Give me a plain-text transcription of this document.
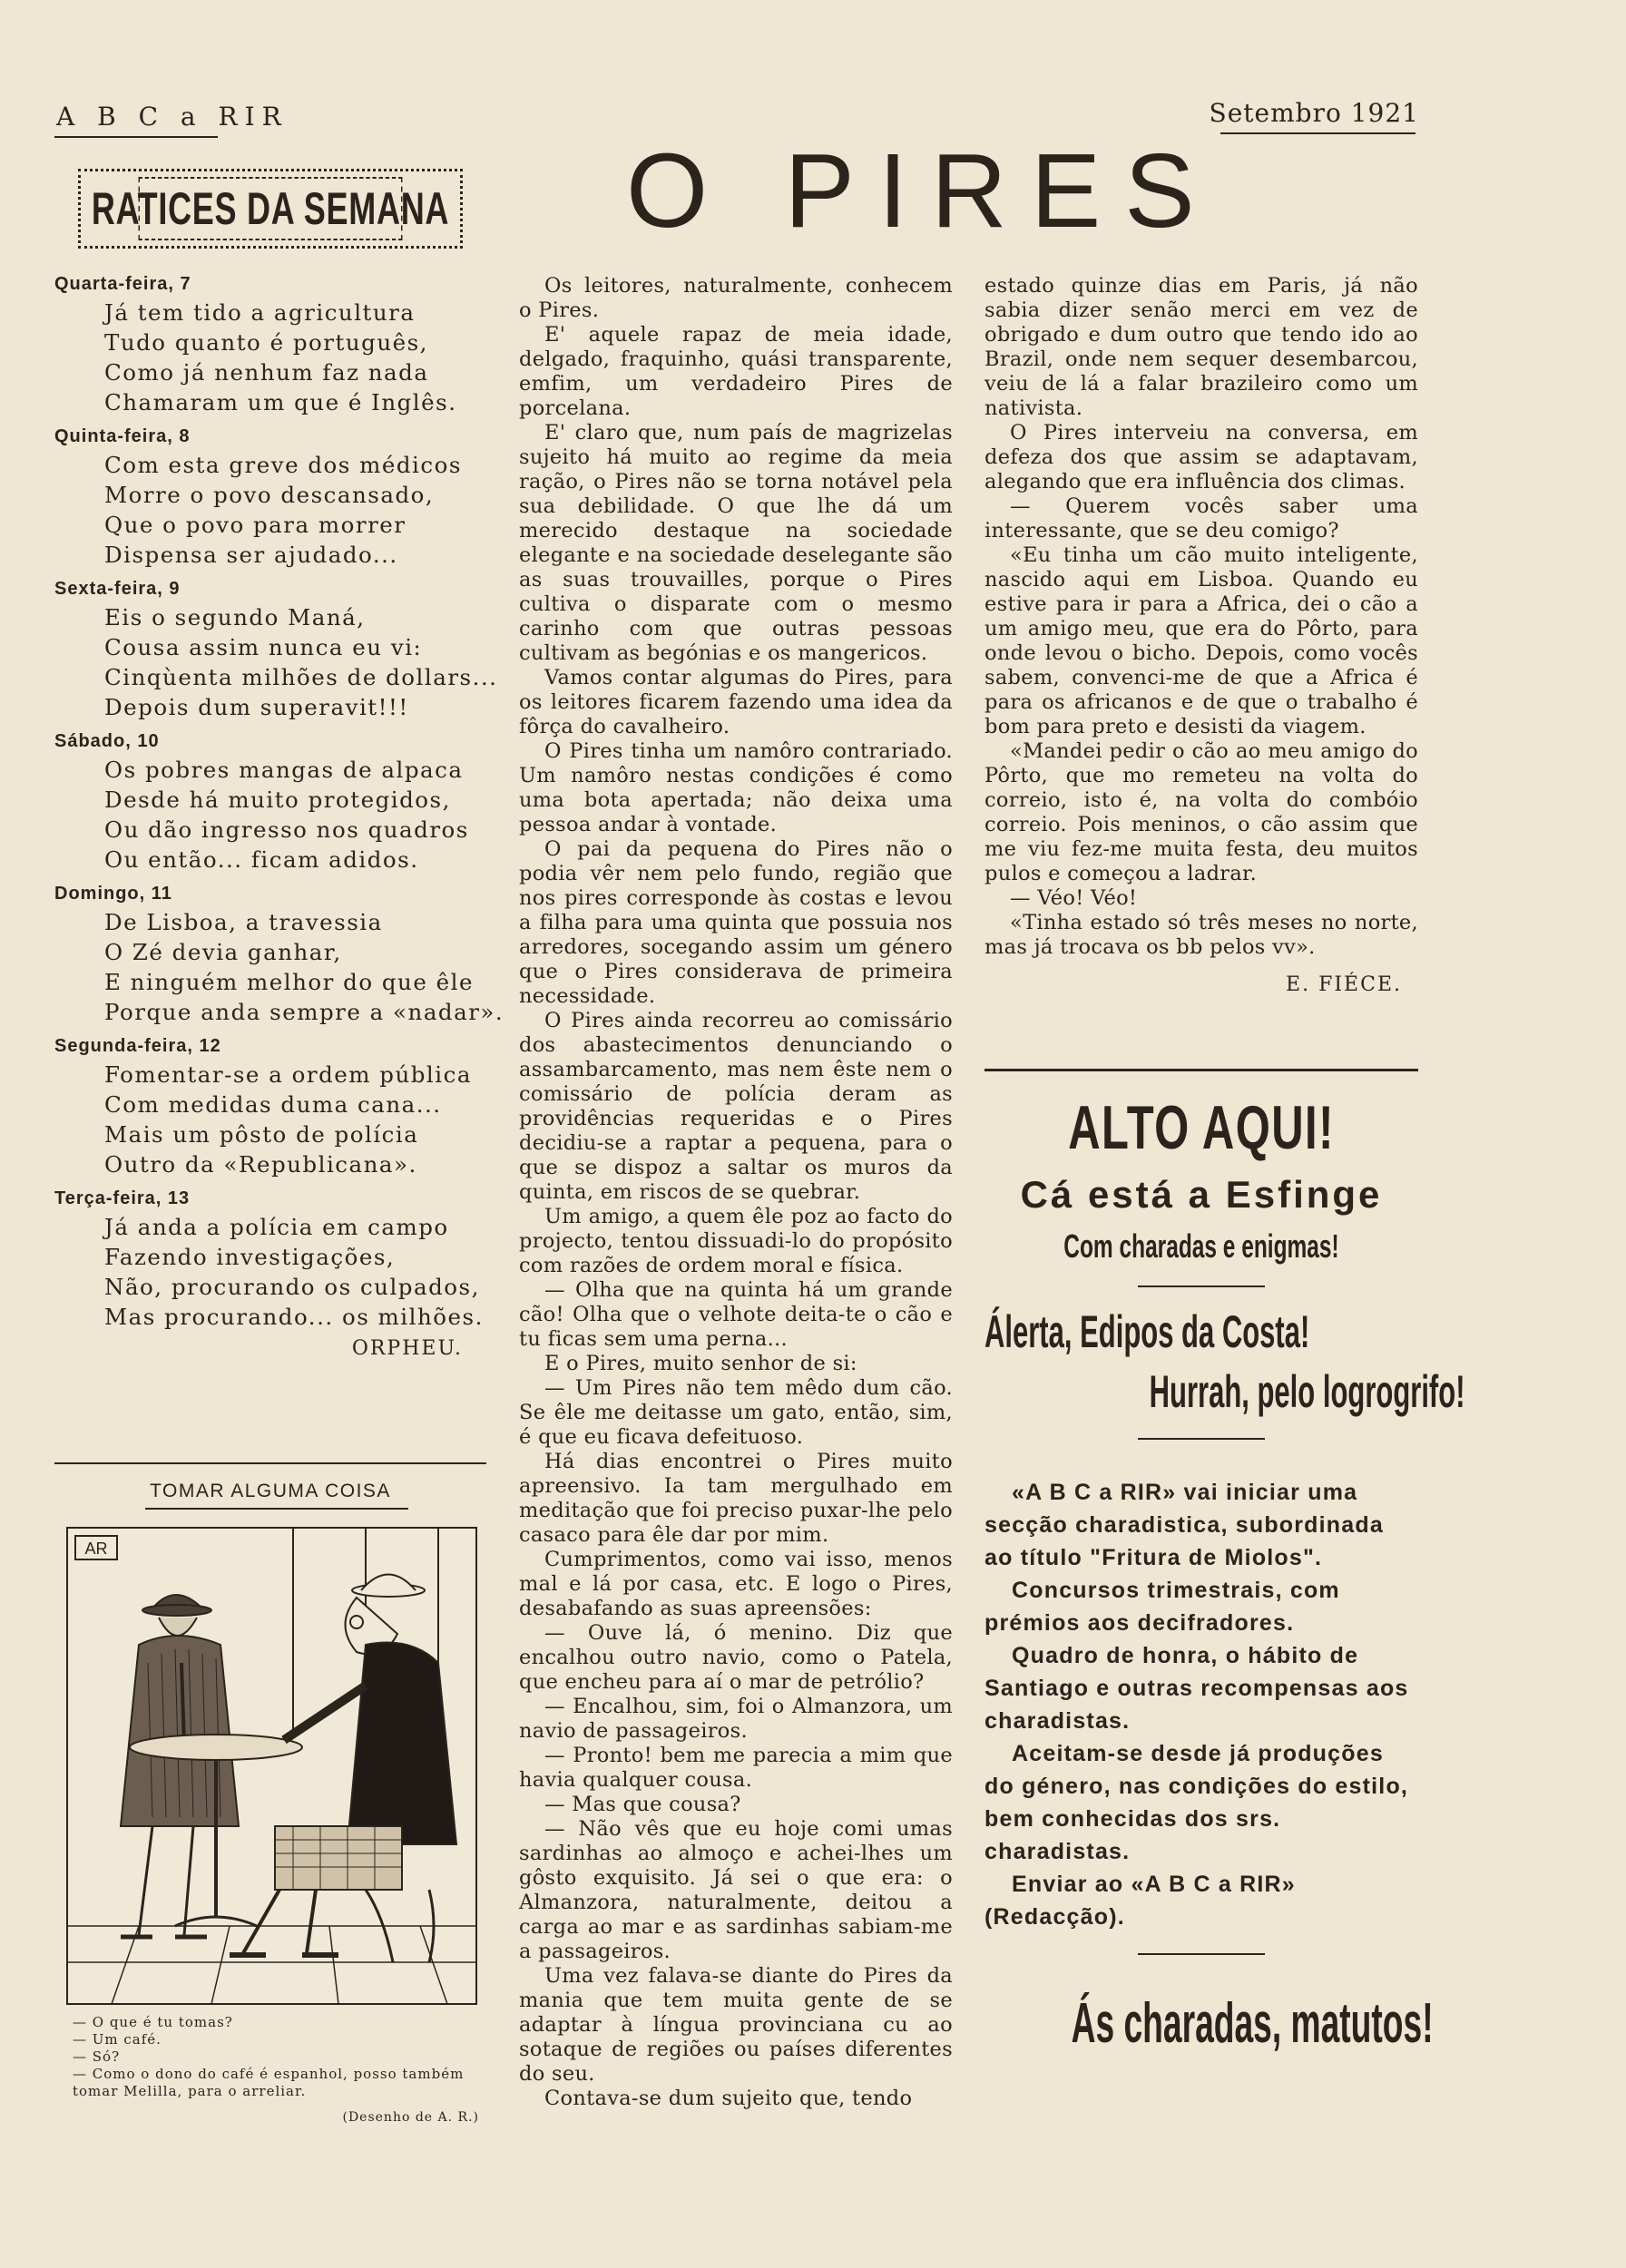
A B C a RIR	Setembro 1921
O PIRES
RATICES DA SEMANA

Quarta-feira, 7

Já tem tido a agricultura

Tudo quanto é português,

Como já nenhum faz nada

Chamaram um que é Inglês.

Quinta-feira, 8

Com esta greve dos médicos

Morre o povo descansado,

Que o povo para morrer

Dispensa ser ajudado...

Sexta-feira, 9

Eis o segundo Maná,

Cousa assim nunca eu vi:

Cinqùenta milhões de dollars...

Depois dum superavit!!!

Sábado, 10

Os pobres mangas de alpaca

Desde há muito protegidos,

Ou dão ingresso nos quadros

Ou então... ficam adidos.

Domingo, 11

De Lisboa, a travessia

O Zé devia ganhar,

E ninguém melhor do que êle

Porque anda sempre a «nadar».

Segunda-feira, 12

Fomentar-se a ordem pública

Com medidas duma cana...

Mais um pôsto de polícia

Outro da «Republicana».

Terça-feira, 13

Já anda a polícia em campo

Fazendo investigações,

Não, procurando os culpados,

Mas procurando... os milhões.

ORPHEU.
TOMAR ALGUMA COISA
AR

— O que é tu tomas?

— Um café.

— Só?

— Como o dono do café é espanhol, posso também tomar Melilla, para o arreliar.

(Desenho de A. R.)

Os leitores, naturalmente, conhecem o Pires.

E' aquele rapaz de meia idade, delgado, fraquinho, quási transparente, emfim, um verdadeiro Pires de porcelana.

E' claro que, num país de magrizelas sujeito há muito ao regime da meia ração, o Pires não se torna notável pela sua debilidade. O que lhe dá um merecido destaque na sociedade elegante e na sociedade deselegante são as suas trouvailles, porque o Pires cultiva o disparate com o mesmo carinho com que outras pessoas cultivam as begónias e os mangericos.

Vamos contar algumas do Pires, para os leitores ficarem fazendo uma idea da fôrça do cavalheiro.

O Pires tinha um namôro contrariado. Um namôro nestas condições é como uma bota apertada; não deixa uma pessoa andar à vontade.

O pai da pequena do Pires não o podia vêr nem pelo fundo, região que nos pires corresponde às costas e levou a filha para uma quinta que possuia nos arredores, socegando assim um género que o Pires considerava de primeira necessidade.

O Pires ainda recorreu ao comissário dos abastecimentos denunciando o assambarcamento, mas nem êste nem o comissário de polícia deram as providências requeridas e o Pires decidiu-se a raptar a pequena, para o que se dispoz a saltar os muros da quinta, em riscos de se quebrar.

Um amigo, a quem êle poz ao facto do projecto, tentou dissuadi-lo do propósito com razões de ordem moral e física.

— Olha que na quinta há um grande cão! Olha que o velhote deita-te o cão e tu ficas sem uma perna...

E o Pires, muito senhor de si:

— Um Pires não tem mêdo dum cão. Se êle me deitasse um gato, então, sim, é que eu ficava defeituoso.

Há dias encontrei o Pires muito apreensivo. Ia tam mergulhado em meditação que foi preciso puxar-lhe pelo casaco para êle dar por mim.

Cumprimentos, como vai isso, menos mal e lá por casa, etc. E logo o Pires, desabafando as suas apreensões:

— Ouve lá, ó menino. Diz que encalhou outro navio, como o Patela, que encheu para aí o mar de petrólio?

— Encalhou, sim, foi o Almanzora, um navio de passageiros.

— Pronto! bem me parecia a mim que havia qualquer cousa.

— Mas que cousa?

— Não vês que eu hoje comi umas sardinhas ao almoço e achei-lhes um gôsto exquisito. Já sei o que era: o Almanzora, naturalmente, deitou a carga ao mar e as sardinhas sabiam-me a passageiros.

Uma vez falava-se diante do Pires da mania que tem muita gente de se adaptar à língua provinciana cu ao sotaque de regiões ou países diferentes do seu.

Contava-se dum sujeito que, tendo

estado quinze dias em Paris, já não sabia dizer senão merci em vez de obrigado e dum outro que tendo ido ao Brazil, onde nem sequer desembarcou, veiu de lá a falar brazileiro como um nativista.

O Pires interveiu na conversa, em defeza dos que assim se adaptavam, alegando que era influência dos climas.

— Querem vocês saber uma interessante, que se deu comigo?

«Eu tinha um cão muito inteligente, nascido aqui em Lisboa. Quando eu estive para ir para a Africa, dei o cão a um amigo meu, que era do Pôrto, para onde levou o bicho. Depois, como vocês sabem, convenci-me de que a Africa é para os africanos e de que o trabalho é bom para preto e desisti da viagem.

«Mandei pedir o cão ao meu amigo do Pôrto, que mo remeteu na volta do correio, isto é, na volta do combóio correio. Pois meninos, o cão assim que me viu fez-me muita festa, deu muitos pulos e começou a ladrar.

— Véo! Véo!

«Tinha estado só três meses no norte, mas já trocava os bb pelos vv».

E. FIÉCE.
ALTO AQUI!
Cá está a Esfinge
Com charadas e enigmas!
Álerta, Edipos da Costa!
Hurrah, pelo logrogrifo!

«A B C a RIR» vai iniciar uma secção charadistica, subordinada ao título "Fritura de Miolos".

Concursos trimestrais, com prémios aos decifradores.

Quadro de honra, o hábito de Santiago e outras recompensas aos charadistas.

Aceitam-se desde já produções do género, nas condições do estilo, bem conhecidas dos srs. charadistas.

Enviar ao «A B C a RIR» (Redacção).

Ás charadas, matutos!
